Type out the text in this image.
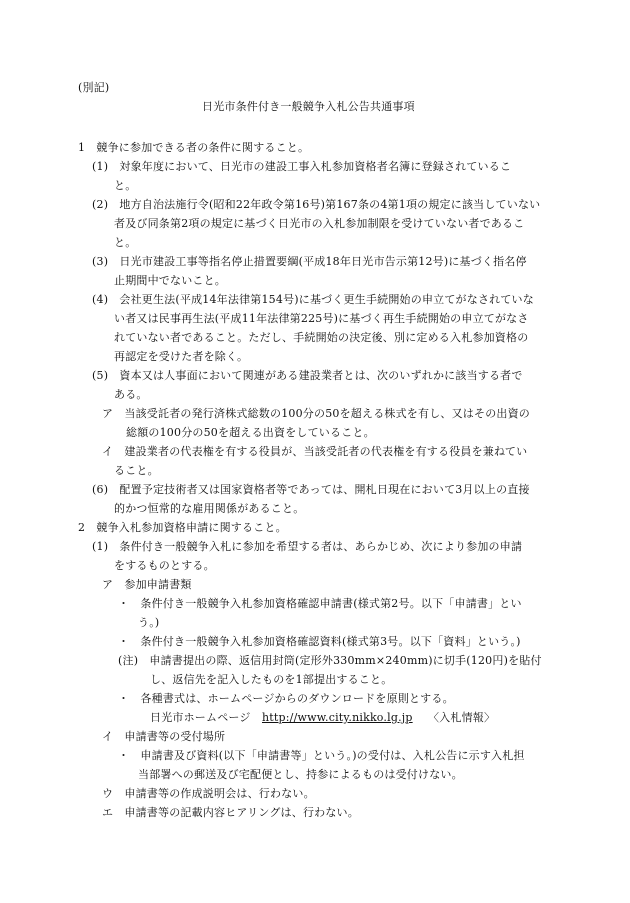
(別記)
日光市条件付き一般競争入札公告共通事項
1　競争に参加できる者の条件に関すること。
(1)　対象年度において、日光市の建設工事入札参加資格者名簿に登録されているこ
と。
(2)　地方自治法施行令(昭和22年政令第16号)第167条の4第1項の規定に該当していない
者及び同条第2項の規定に基づく日光市の入札参加制限を受けていない者であるこ
と。
(3)　日光市建設工事等指名停止措置要綱(平成18年日光市告示第12号)に基づく指名停
止期間中でないこと。
(4)　会社更生法(平成14年法律第154号)に基づく更生手続開始の申立てがなされていな
い者又は民事再生法(平成11年法律第225号)に基づく再生手続開始の申立てがなさ
れていない者であること。ただし、手続開始の決定後、別に定める入札参加資格の
再認定を受けた者を除く。
(5)　資本又は人事面において関連がある建設業者とは、次のいずれかに該当する者で
ある。
ア　当該受託者の発行済株式総数の100分の50を超える株式を有し、又はその出資の
総額の100分の50を超える出資をしていること。
イ　建設業者の代表権を有する役員が、当該受託者の代表権を有する役員を兼ねてい
ること。
(6)　配置予定技術者又は国家資格者等であっては、開札日現在において3月以上の直接
的かつ恒常的な雇用関係があること。
2　競争入札参加資格申請に関すること。
(1)　条件付き一般競争入札に参加を希望する者は、あらかじめ、次により参加の申請
をするものとする。
ア　参加申請書類
・　条件付き一般競争入札参加資格確認申請書(様式第2号。以下「申請書」とい
う。)
・　条件付き一般競争入札参加資格確認資料(様式第3号。以下「資料」という。)
(注)　申請書提出の際、返信用封筒(定形外330mm×240mm)に切手(120円)を貼付
し、返信先を記入したものを1部提出すること。
・　各種書式は、ホームページからのダウンロードを原則とする。
日光市ホームページ http://www.city.nikko.lg.jp 〈入札情報〉
イ　申請書等の受付場所
・　申請書及び資料(以下「申請書等」という。)の受付は、入札公告に示す入札担
当部署への郵送及び宅配便とし、持参によるものは受付けない。
ウ　申請書等の作成説明会は、行わない。
エ　申請書等の記載内容ヒアリングは、行わない。
